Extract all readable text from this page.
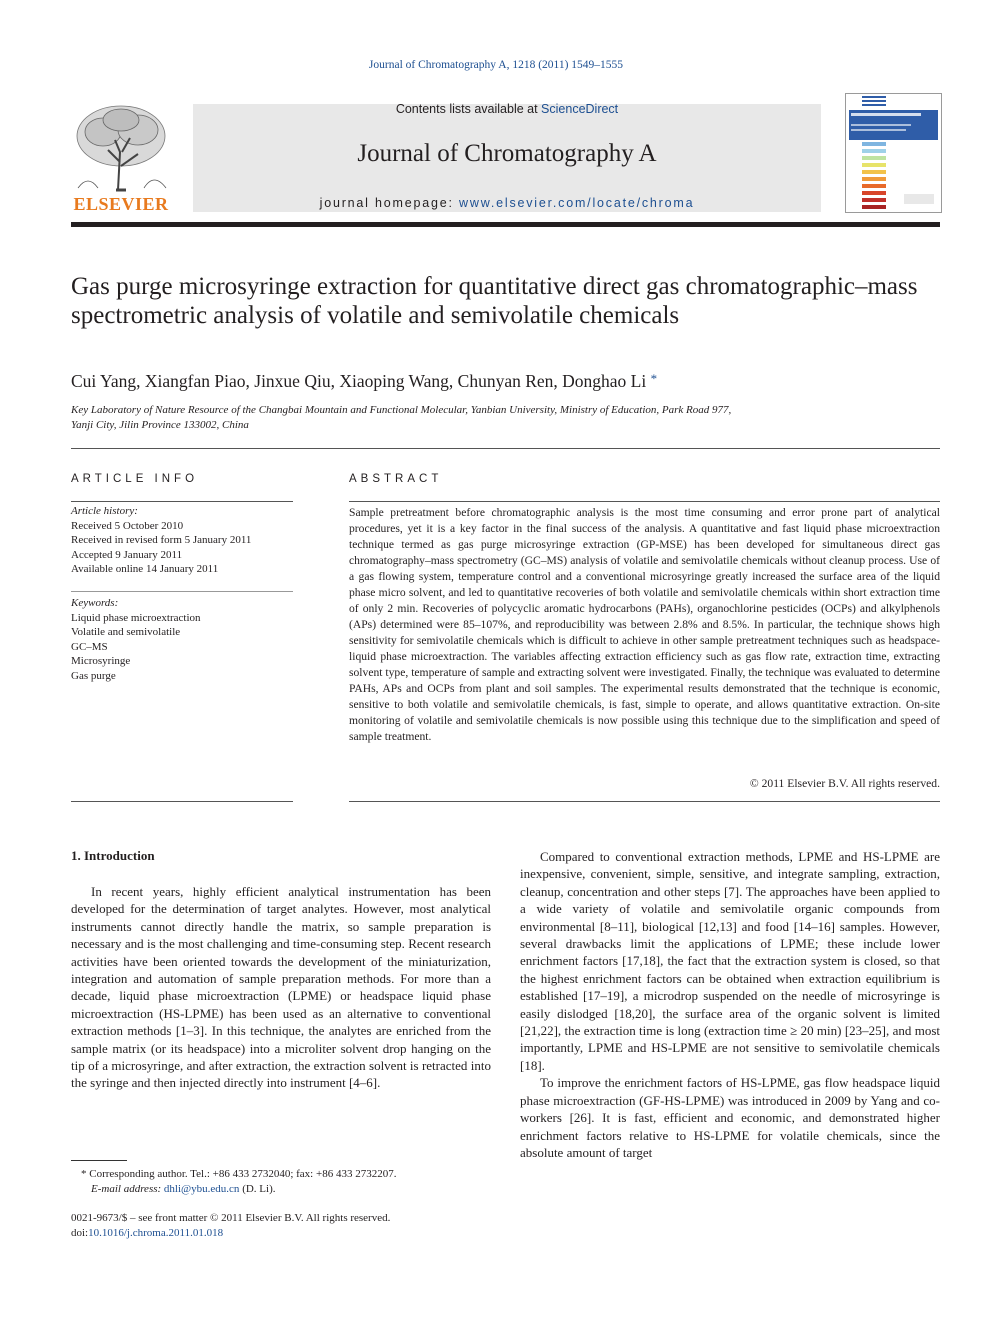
Journal of Chromatography A, 1218 (2011) 1549–1555
ELSEVIER
Contents lists available at ScienceDirect
Journal of Chromatography A
journal homepage: www.elsevier.com/locate/chroma
Gas purge microsyringe extraction for quantitative direct gas chromatographic–mass spectrometric analysis of volatile and semivolatile chemicals
Cui Yang, Xiangfan Piao, Jinxue Qiu, Xiaoping Wang, Chunyan Ren, Donghao Li *
Key Laboratory of Nature Resource of the Changbai Mountain and Functional Molecular, Yanbian University, Ministry of Education, Park Road 977,
Yanji City, Jilin Province 133002, China
ARTICLE INFO
Article history:
Received 5 October 2010
Received in revised form 5 January 2011
Accepted 9 January 2011
Available online 14 January 2011
Keywords:
Liquid phase microextraction
Volatile and semivolatile
GC–MS
Microsyringe
Gas purge
ABSTRACT
Sample pretreatment before chromatographic analysis is the most time consuming and error prone part of analytical procedures, yet it is a key factor in the final success of the analysis. A quantitative and fast liquid phase microextraction technique termed as gas purge microsyringe extraction (GP-MSE) has been developed for simultaneous direct gas chromatography–mass spectrometry (GC–MS) analysis of volatile and semivolatile chemicals without cleanup process. Use of a gas flowing system, temperature control and a conventional microsyringe greatly increased the surface area of the liquid phase micro solvent, and led to quantitative recoveries of both volatile and semivolatile chemicals within short extraction time of only 2 min. Recoveries of polycyclic aromatic hydrocarbons (PAHs), organochlorine pesticides (OCPs) and alkylphenols (APs) determined were 85–107%, and reproducibility was between 2.8% and 8.5%. In particular, the technique shows high sensitivity for semivolatile chemicals which is difficult to achieve in other sample pretreatment techniques such as headspace-liquid phase microextraction. The variables affecting extraction efficiency such as gas flow rate, extraction time, extracting solvent type, temperature of sample and extracting solvent were investigated. Finally, the technique was evaluated to determine PAHs, APs and OCPs from plant and soil samples. The experimental results demonstrated that the technique is economic, sensitive to both volatile and semivolatile chemicals, is fast, simple to operate, and allows quantitative extraction. On-site monitoring of volatile and semivolatile chemicals is now possible using this technique due to the simplification and speed of sample treatment.
© 2011 Elsevier B.V. All rights reserved.
1. Introduction

In recent years, highly efficient analytical instrumentation has been developed for the determination of target analytes. However, most analytical instruments cannot directly handle the matrix, so sample preparation is necessary and is the most challenging and time-consuming step. Recent research activities have been oriented towards the development of the miniaturization, integration and automation of sample preparation methods. For more than a decade, liquid phase microextraction (LPME) or headspace liquid phase microextraction (HS-LPME) has been used as an alternative to conventional extraction methods [1–3]. In this technique, the analytes are enriched from the sample matrix (or its headspace) into a microliter solvent drop hanging on the tip of a microsyringe, and after extraction, the extraction solvent is retracted into the syringe and then injected directly into instrument [4–6].

Compared to conventional extraction methods, LPME and HS-LPME are inexpensive, convenient, simple, sensitive, and integrate sampling, extraction, cleanup, concentration and other steps [7]. The approaches have been applied to a wide variety of volatile and semivolatile organic compounds from environmental [8–11], biological [12,13] and food [14–16] samples. However, several drawbacks limit the applications of LPME; these include lower enrichment factors [17,18], the fact that the extraction system is closed, so that the highest enrichment factors can be obtained when extraction equilibrium is established [17–19], a microdrop suspended on the needle of microsyringe is easily dislodged [18,20], the surface area of the organic solvent is limited [21,22], the extraction time is long (extraction time ≥ 20 min) [23–25], and most importantly, LPME and HS-LPME are not sensitive to semivolatile chemicals [18].

To improve the enrichment factors of HS-LPME, gas flow headspace liquid phase microextraction (GF-HS-LPME) was introduced in 2009 by Yang and co-workers [26]. It is fast, efficient and economic, and demonstrated higher enrichment factors relative to HS-LPME for volatile chemicals, since the absolute amount of target

* Corresponding author. Tel.: +86 433 2732040; fax: +86 433 2732207.
E-mail address: dhli@ybu.edu.cn (D. Li).
0021-9673/$ – see front matter © 2011 Elsevier B.V. All rights reserved.
doi:10.1016/j.chroma.2011.01.018
